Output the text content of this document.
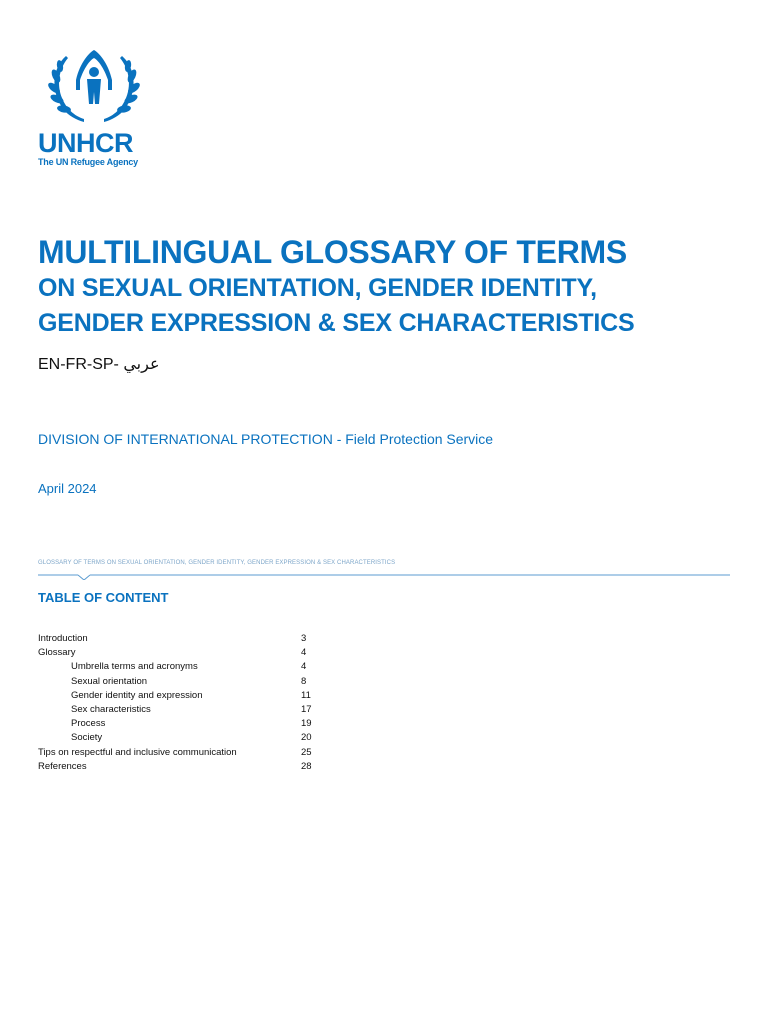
UNHCR
The UN Refugee Agency
MULTILINGUAL GLOSSARY OF TERMS
ON SEXUAL ORIENTATION, GENDER IDENTITY,
GENDER EXPRESSION & SEX CHARACTERISTICS
EN-FR-SP- عربي
DIVISION OF INTERNATIONAL PROTECTION - Field Protection Service
April 2024
GLOSSARY OF TERMS ON SEXUAL ORIENTATION, GENDER IDENTITY, GENDER EXPRESSION & SEX CHARACTERISTICS
TABLE OF CONTENT
Introduction	3
Glossary	4
Umbrella terms and acronyms	4
Sexual orientation	8
Gender identity and expression	11
Sex characteristics	17
Process	19
Society	20
Tips on respectful and inclusive communication	25
References	28
